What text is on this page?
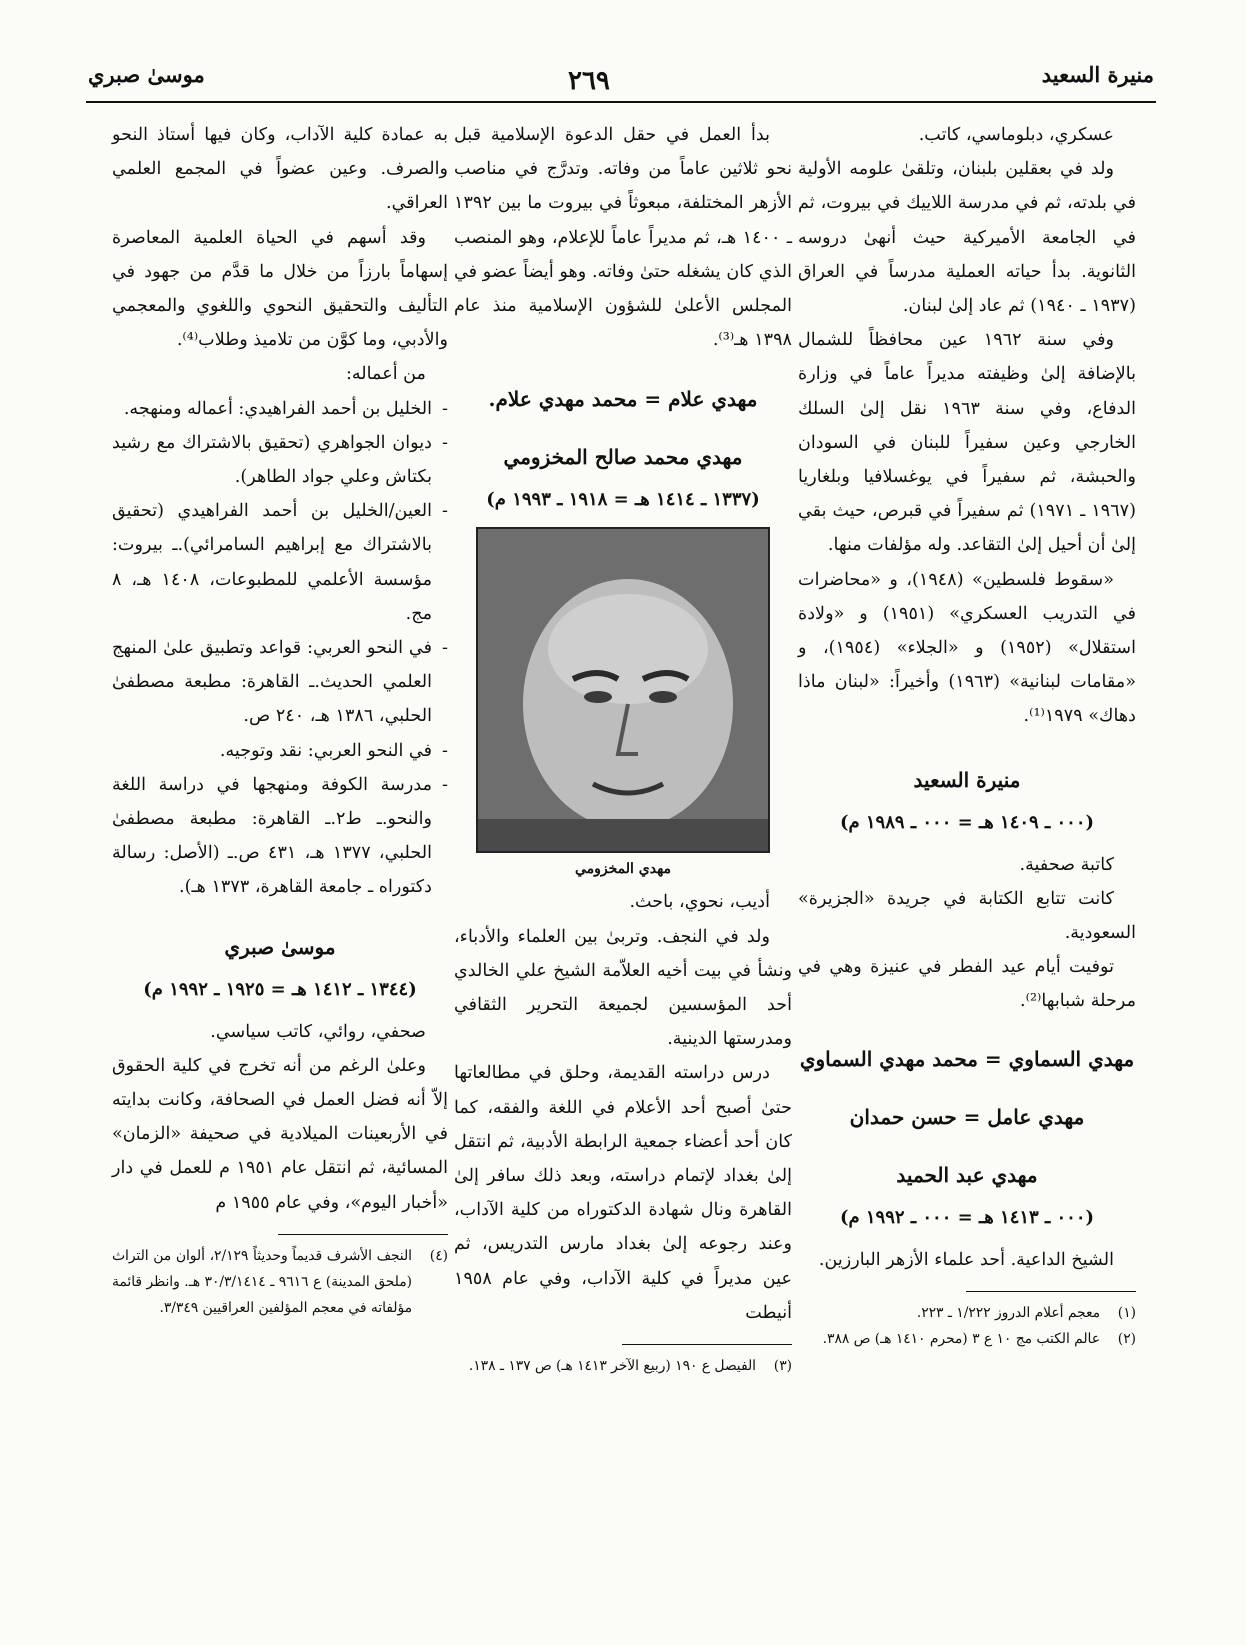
منيرة السعيد
٢٦٩
موسىٰ صبري

عسكري، دبلوماسي، كاتب.

ولد في بعقلين بلبنان، وتلقىٰ علومه الأولية في بلدته، ثم في مدرسة اللاييك في بيروت، ثم في الجامعة الأميركية حيث أنهىٰ دروسه الثانوية. بدأ حياته العملية مدرساً في العراق (١٩٣٧ ـ ١٩٤٠) ثم عاد إلىٰ لبنان.

وفي سنة ١٩٦٢ عين محافظاً للشمال بالإضافة إلىٰ وظيفته مديراً عاماً في وزارة الدفاع، وفي سنة ١٩٦٣ نقل إلىٰ السلك الخارجي وعين سفيراً للبنان في السودان والحبشة، ثم سفيراً في يوغسلافيا وبلغاريا (١٩٦٧ ـ ١٩٧١) ثم سفيراً في قبرص، حيث بقي إلىٰ أن أحيل إلىٰ التقاعد. وله مؤلفات منها.

«سقوط فلسطين» (١٩٤٨)، و «محاضرات في التدريب العسكري» (١٩٥١) و «ولادة استقلال» (١٩٥٢) و «الجلاء» (١٩٥٤)، و «مقامات لبنانية» (١٩٦٣) وأخيراً: «لبنان ماذا دهاك» ١٩٧٩⁽¹⁾.

منيرة السعيد
(٠٠٠ ـ ١٤٠٩ هـ = ٠٠٠ ـ ١٩٨٩ م)

كاتبة صحفية.

كانت تتابع الكتابة في جريدة «الجزيرة» السعودية.

توفيت أيام عيد الفطر في عنيزة وهي في مرحلة شبابها⁽²⁾.

مهدي السماوي = محمد مهدي السماوي
مهدي عامل = حسن حمدان
مهدي عبد الحميد
(٠٠٠ ـ ١٤١٣ هـ = ٠٠٠ ـ ١٩٩٢ م)

الشيخ الداعية. أحد علماء الأزهر البارزين.

(١)
معجم أعلام الدروز ١/٢٢٢ ـ ٢٢٣.
(٢)
عالم الكتب مج ١٠ ع ٣ (محرم ١٤١٠ هـ) ص ٣٨٨.

بدأ العمل في حقل الدعوة الإسلامية قبل نحو ثلاثين عاماً من وفاته. وتدرَّج في مناصب الأزهر المختلفة، مبعوثاً في بيروت ما بين ١٣٩٢ ـ ١٤٠٠ هـ، ثم مديراً عاماً للإعلام، وهو المنصب الذي كان يشغله حتىٰ وفاته. وهو أيضاً عضو في المجلس الأعلىٰ للشؤون الإسلامية منذ عام ١٣٩٨ هـ⁽³⁾.

مهدي علام = محمد مهدي علام.
مهدي محمد صالح المخزومي
(١٣٣٧ ـ ١٤١٤ هـ = ١٩١٨ ـ ١٩٩٣ م)
مهدي المخزومي

أديب، نحوي، باحث.

ولد في النجف. وتربىٰ بين العلماء والأدباء، ونشأ في بيت أخيه العلاّمة الشيخ علي الخالدي أحد المؤسسين لجميعة التحرير الثقافي ومدرستها الدينية.

درس دراسته القديمة، وحلق في مطالعاتها حتىٰ أصبح أحد الأعلام في اللغة والفقه، كما كان أحد أعضاء جمعية الرابطة الأدبية، ثم انتقل إلىٰ بغداد لإتمام دراسته، وبعد ذلك سافر إلىٰ القاهرة ونال شهادة الدكتوراه من كلية الآداب، وعند رجوعه إلىٰ بغداد مارس التدريس، ثم عين مديراً في كلية الآداب، وفي عام ١٩٥٨ أنيطت

(٣)
الفيصل ع ١٩٠ (ربيع الآخر ١٤١٣ هـ) ص ١٣٧ ـ ١٣٨.

به عمادة كلية الآداب، وكان فيها أستاذ النحو والصرف. وعين عضواً في المجمع العلمي العراقي.

وقد أسهم في الحياة العلمية المعاصرة إسهاماً بارزاً من خلال ما قدَّم من جهود في التأليف والتحقيق النحوي واللغوي والمعجمي والأدبي، وما كوَّن من تلاميذ وطلاب⁽⁴⁾.

من أعماله:

- الخليل بن أحمد الفراهيدي: أعماله ومنهجه.
- ديوان الجواهري (تحقيق بالاشتراك مع رشيد بكتاش وعلي جواد الطاهر).
- العين/الخليل بن أحمد الفراهيدي (تحقيق بالاشتراك مع إبراهيم السامرائي).ـ بيروت: مؤسسة الأعلمي للمطبوعات، ١٤٠٨ هـ، ٨ مج.
- في النحو العربي: قواعد وتطبيق علىٰ المنهج العلمي الحديث.ـ القاهرة: مطبعة مصطفىٰ الحلبي، ١٣٨٦ هـ، ٢٤٠ ص.
- في النحو العربي: نقد وتوجيه.
- مدرسة الكوفة ومنهجها في دراسة اللغة والنحو.ـ ط٢.ـ القاهرة: مطبعة مصطفىٰ الحلبي، ١٣٧٧ هـ، ٤٣١ ص.ـ (الأصل: رسالة دكتوراه ـ جامعة القاهرة، ١٣٧٣ هـ).
موسىٰ صبري
(١٣٤٤ ـ ١٤١٢ هـ = ١٩٢٥ ـ ١٩٩٢ م)

صحفي، روائي، كاتب سياسي.

وعلىٰ الرغم من أنه تخرج في كلية الحقوق إلاّ أنه فضل العمل في الصحافة، وكانت بدايته في الأربعينات الميلادية في صحيفة «الزمان» المسائية، ثم انتقل عام ١٩٥١ م للعمل في دار «أخبار اليوم»، وفي عام ١٩٥٥ م

(٤)
النجف الأشرف قديماً وحديثاً ٢/١٢٩، ألوان من التراث (ملحق المدينة) ع ٩٦١٦ ـ ٣٠/٣/١٤١٤ هـ. وانظر قائمة مؤلفاته في معجم المؤلفين العراقيين ٣/٣٤٩.
